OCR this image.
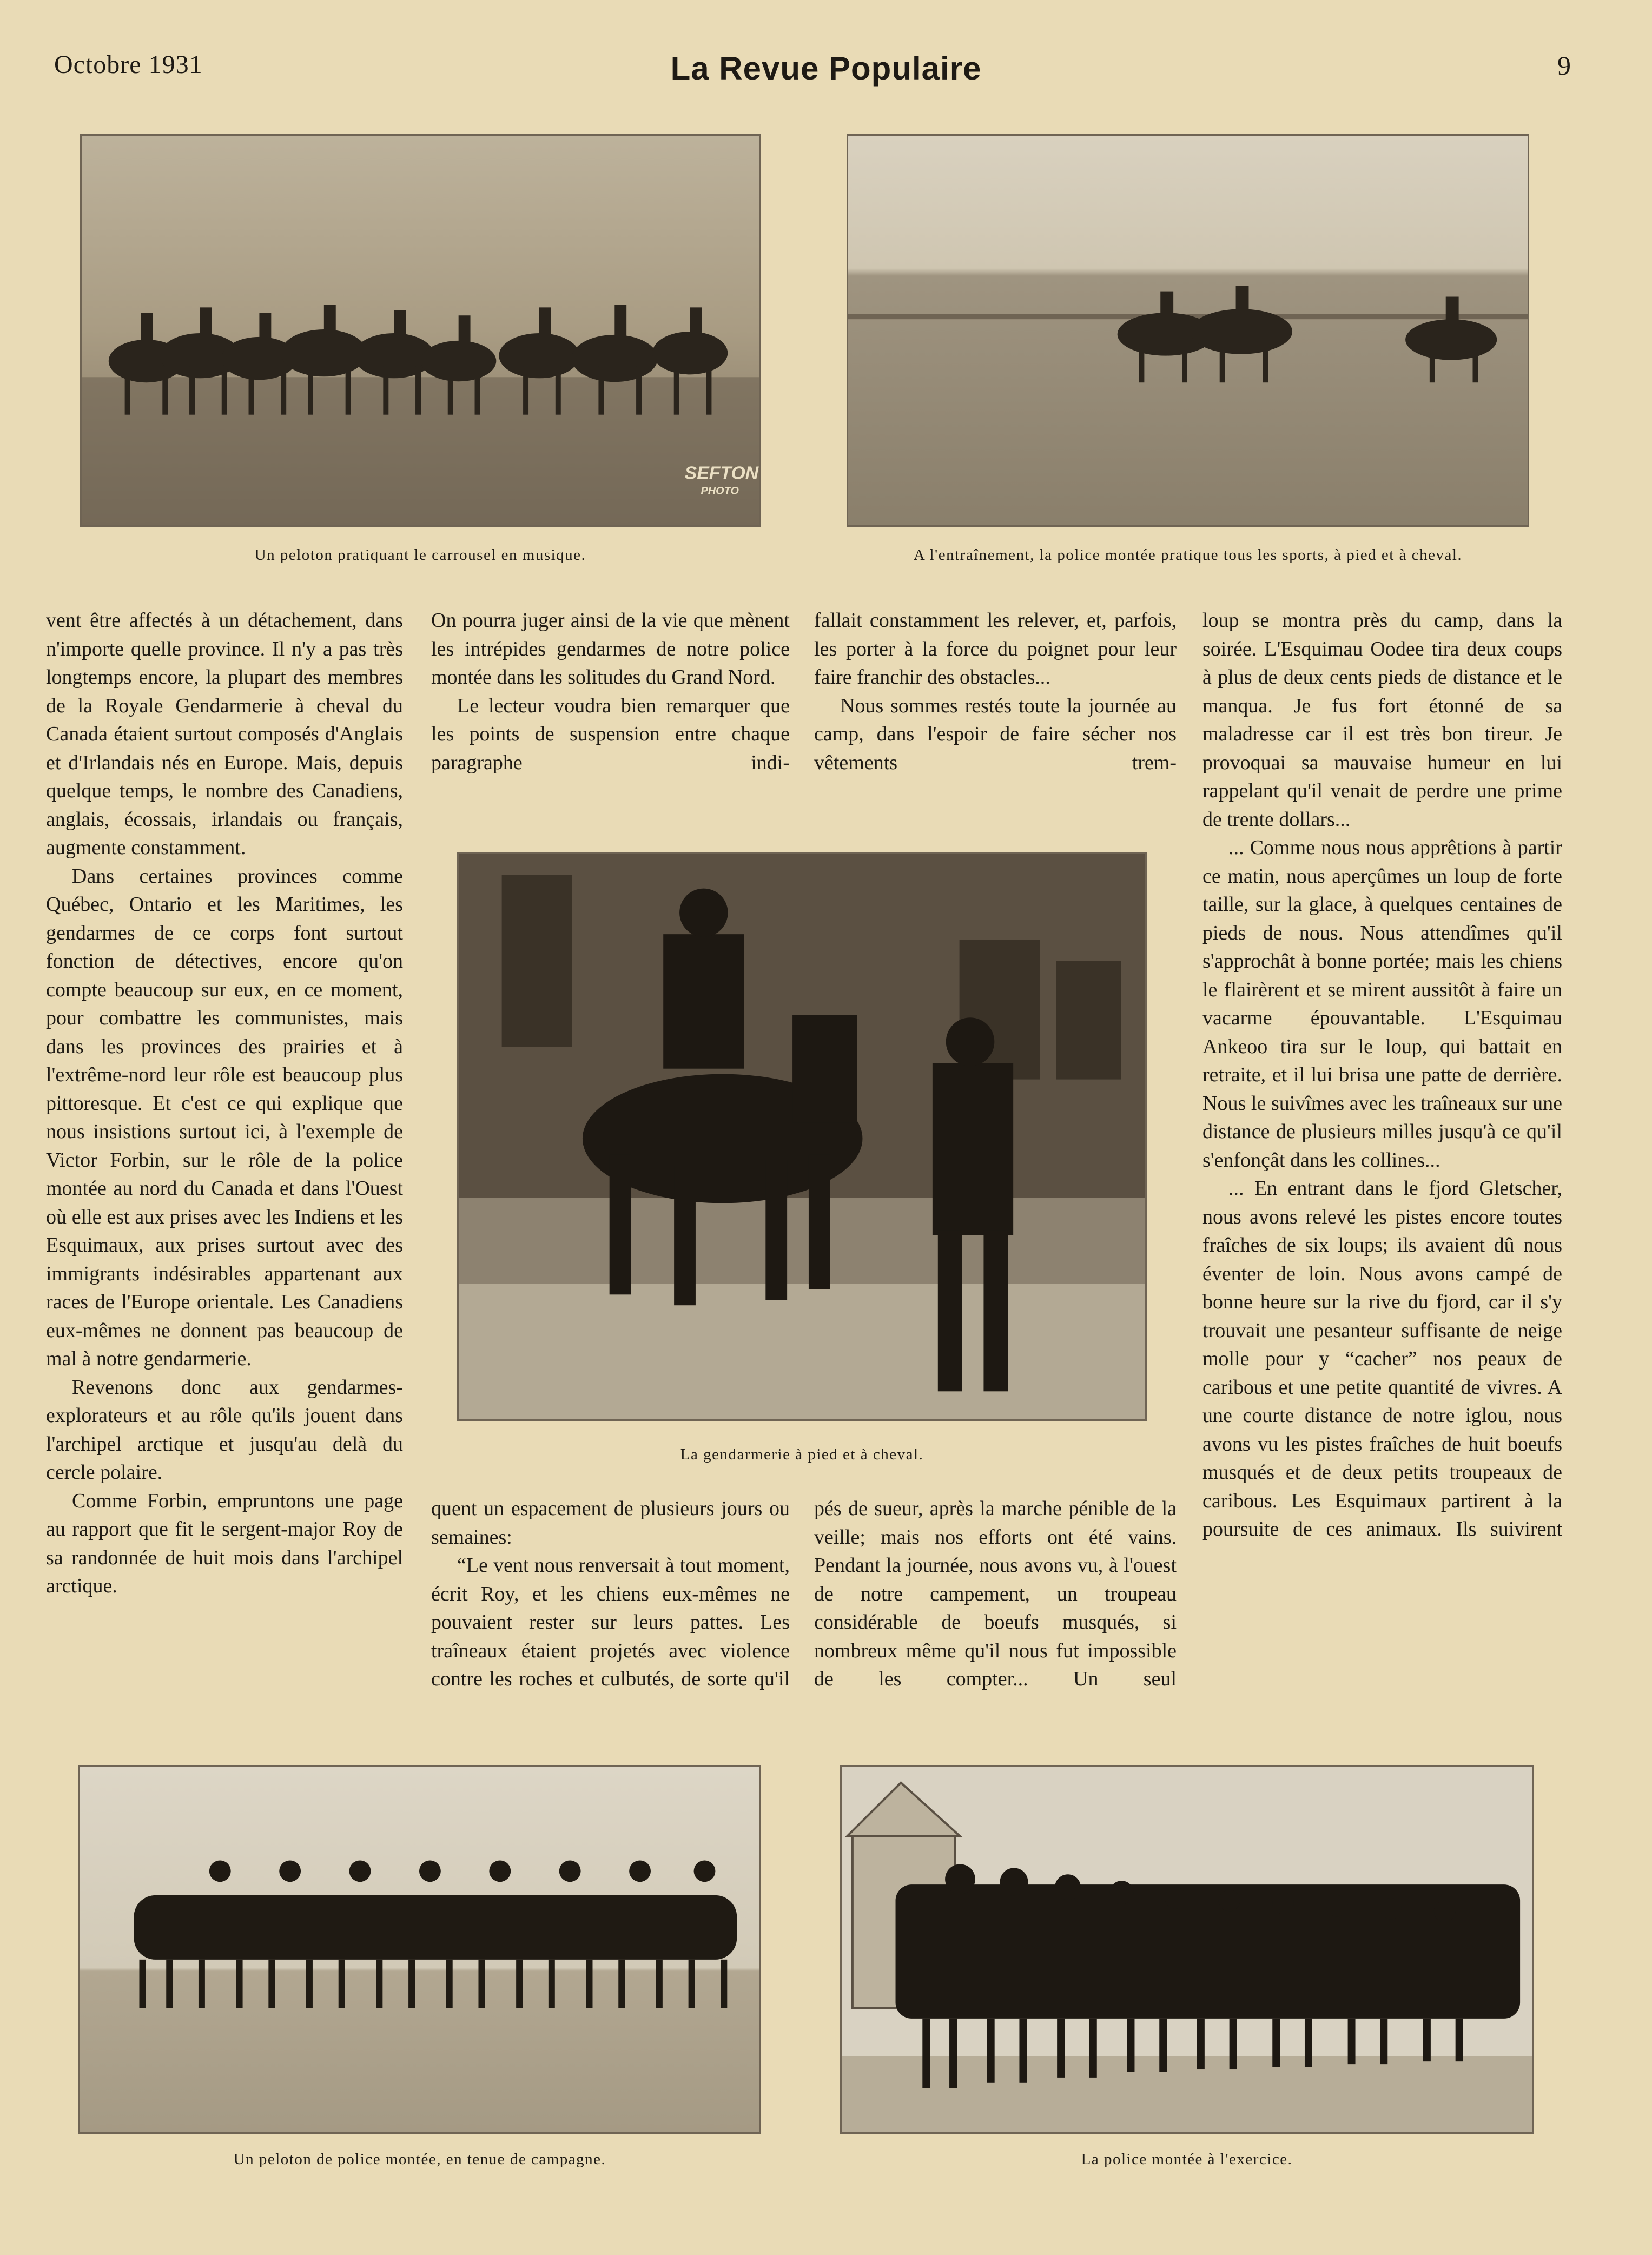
Octobre 1931	La Revue Populaire	9
SEFTON
PHOTO
Un peloton pratiquant le carrousel en musique.	A l'entraînement, la police montée pratique tous les sports, à pied et à cheval.
La gendarmerie à pied et à cheval.
Un peloton de police montée, en tenue de campagne.	La police montée à l'exercice.

vent être affectés à un détachement, dans n'importe quelle province. Il n'y a pas très longtemps encore, la plupart des membres de la Royale Gendarmerie à cheval du Canada étaient surtout composés d'Anglais et d'Irlandais nés en Europe. Mais, depuis quelque temps, le nombre des Canadiens, anglais, écossais, irlandais ou français, augmente constamment.

Dans certaines provinces comme Québec, Ontario et les Maritimes, les gendarmes de ce corps font surtout fonction de détectives, encore qu'on compte beaucoup sur eux, en ce moment, pour combattre les communistes, mais dans les provinces des prairies et à l'extrême-nord leur rôle est beaucoup plus pittoresque. Et c'est ce qui explique que nous insistions surtout ici, à l'exemple de Victor Forbin, sur le rôle de la police montée au nord du Canada et dans l'Ouest où elle est aux prises avec les Indiens et les Esquimaux, aux prises surtout avec des immigrants indésirables appartenant aux races de l'Europe orientale. Les Canadiens eux-mêmes ne donnent pas beaucoup de mal à notre gendarmerie.

Revenons donc aux gendarmes-explorateurs et au rôle qu'ils jouent dans l'archipel arctique et jusqu'au delà du cercle polaire.

Comme Forbin, empruntons une page au rapport que fit le sergent-major Roy de sa randonnée de huit mois dans l'archipel arctique.

On pourra juger ainsi de la vie que mènent les intrépides gendarmes de notre police montée dans les solitudes du Grand Nord.

Le lecteur voudra bien remarquer que les points de suspension entre chaque paragraphe indi-

fallait constamment les relever, et, parfois, les porter à la force du poignet pour leur faire franchir des obstacles...

Nous sommes restés toute la journée au camp, dans l'espoir de faire sécher nos vêtements trem-

quent un espacement de plusieurs jours ou semaines:

“Le vent nous renversait à tout moment, écrit Roy, et les chiens eux-mêmes ne pouvaient rester sur leurs pattes. Les traîneaux étaient projetés avec violence contre les roches et culbutés, de sorte qu'il

pés de sueur, après la marche pénible de la veille; mais nos efforts ont été vains. Pendant la journée, nous avons vu, à l'ouest de notre campement, un troupeau considérable de boeufs musqués, si nombreux même qu'il nous fut impossible de les compter... Un seul

loup se montra près du camp, dans la soirée. L'Esquimau Oodee tira deux coups à plus de deux cents pieds de distance et le manqua. Je fus fort étonné de sa maladresse car il est très bon tireur. Je provoquai sa mauvaise humeur en lui rappelant qu'il venait de perdre une prime de trente dollars...

... Comme nous nous apprêtions à partir ce matin, nous aperçûmes un loup de forte taille, sur la glace, à quelques centaines de pieds de nous. Nous attendîmes qu'il s'approchât à bonne portée; mais les chiens le flairèrent et se mirent aussitôt à faire un vacarme épouvantable. L'Esquimau Ankeoo tira sur le loup, qui battait en retraite, et il lui brisa une patte de derrière. Nous le suivîmes avec les traîneaux sur une distance de plusieurs milles jusqu'à ce qu'il s'enfonçât dans les collines...

... En entrant dans le fjord Gletscher, nous avons relevé les pistes encore toutes fraîches de six loups; ils avaient dû nous éventer de loin. Nous avons campé de bonne heure sur la rive du fjord, car il s'y trouvait une pesanteur suffisante de neige molle pour y “cacher” nos peaux de caribous et une petite quantité de vivres. A une courte distance de notre iglou, nous avons vu les pistes fraîches de huit boeufs musqués et de deux petits troupeaux de caribous. Les Esquimaux partirent à la poursuite de ces animaux. Ils suivirent
